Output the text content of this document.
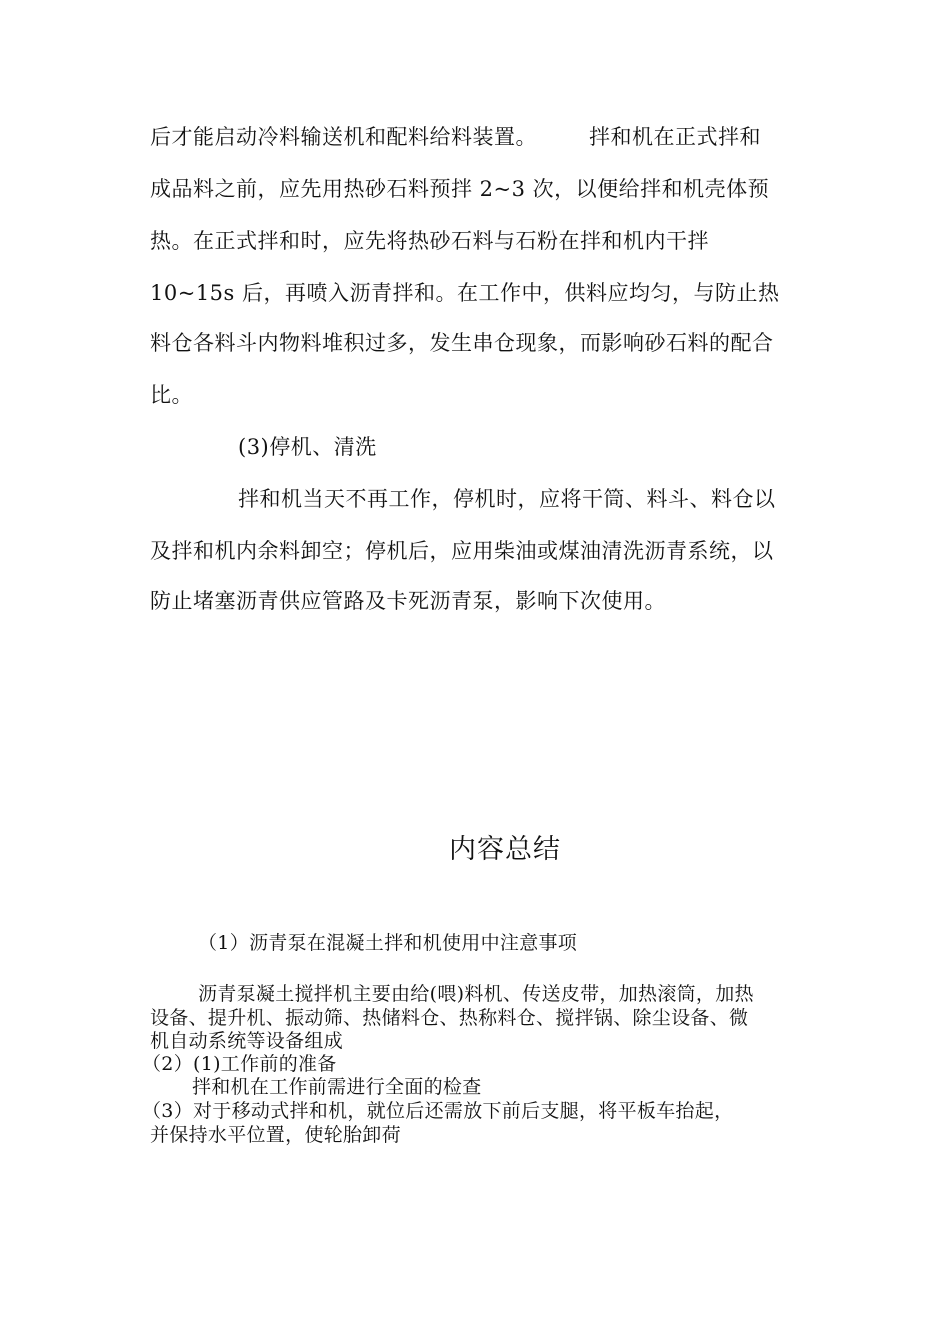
后才能启动冷料输送机和配料给料装置。 拌和机在正式拌和
成品料之前，应先用热砂石料预拌 2~3 次，以便给拌和机壳体预
热。在正式拌和时，应先将热砂石料与石粉在拌和机内干拌
10~15s 后，再喷入沥青拌和。在工作中，供料应均匀，与防止热
料仓各料斗内物料堆积过多，发生串仓现象，而影响砂石料的配合
比。
(3)停机、清洗
拌和机当天不再工作，停机时，应将干筒、料斗、料仓以
及拌和机内余料卸空；停机后，应用柴油或煤油清洗沥青系统，以
防止堵塞沥青供应管路及卡死沥青泵，影响下次使用。
内容总结
（1）沥青泵在混凝土拌和机使用中注意事项
沥青泵凝土搅拌机主要由给(喂)料机、传送皮带，加热滚筒，加热
设备、提升机、振动筛、热储料仓、热称料仓、搅拌锅、除尘设备、微
机自动系统等设备组成
（2）(1)工作前的准备
拌和机在工作前需进行全面的检查
（3）对于移动式拌和机，就位后还需放下前后支腿，将平板车抬起，
并保持水平位置，使轮胎卸荷
